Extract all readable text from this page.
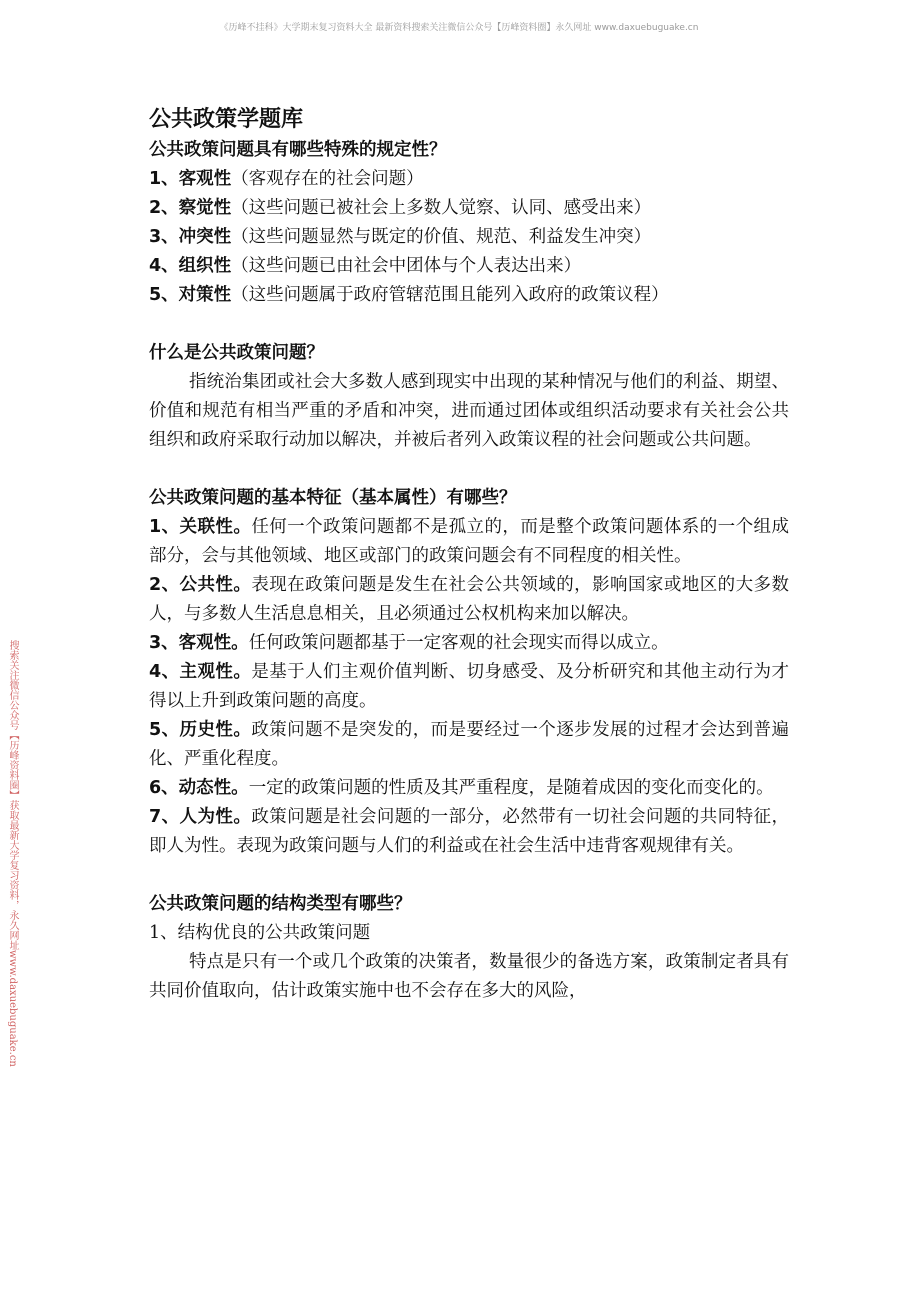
《历峰不挂科》大学期末复习资料大全 最新资料搜索关注微信公众号【历峰资料圈】永久网址 www.daxuebuguake.cn
搜索关注微信公众号【历峰资料圈】获取最新大学复习资料，永久网址www.daxuebuguake.cn

公共政策学题库

公共政策问题具有哪些特殊的规定性？

1、客观性（客观存在的社会问题）

2、察觉性（这些问题已被社会上多数人觉察、认同、感受出来）

3、冲突性（这些问题显然与既定的价值、规范、利益发生冲突）

4、组织性（这些问题已由社会中团体与个人表达出来）

5、对策性（这些问题属于政府管辖范围且能列入政府的政策议程）

什么是公共政策问题？

指统治集团或社会大多数人感到现实中出现的某种情况与他们的利益、期望、价值和规范有相当严重的矛盾和冲突，进而通过团体或组织活动要求有关社会公共组织和政府采取行动加以解决，并被后者列入政策议程的社会问题或公共问题。

公共政策问题的基本特征（基本属性）有哪些？

1、关联性。任何一个政策问题都不是孤立的，而是整个政策问题体系的一个组成部分，会与其他领域、地区或部门的政策问题会有不同程度的相关性。

2、公共性。表现在政策问题是发生在社会公共领域的，影响国家或地区的大多数人，与多数人生活息息相关，且必须通过公权机构来加以解决。

3、客观性。任何政策问题都基于一定客观的社会现实而得以成立。

4、主观性。是基于人们主观价值判断、切身感受、及分析研究和其他主动行为才得以上升到政策问题的高度。

5、历史性。政策问题不是突发的，而是要经过一个逐步发展的过程才会达到普遍化、严重化程度。

6、动态性。一定的政策问题的性质及其严重程度，是随着成因的变化而变化的。

7、人为性。政策问题是社会问题的一部分，必然带有一切社会问题的共同特征，即人为性。表现为政策问题与人们的利益或在社会生活中违背客观规律有关。

公共政策问题的结构类型有哪些？

1、结构优良的公共政策问题

特点是只有一个或几个政策的决策者，数量很少的备选方案，政策制定者具有共同价值取向，估计政策实施中也不会存在多大的风险，
